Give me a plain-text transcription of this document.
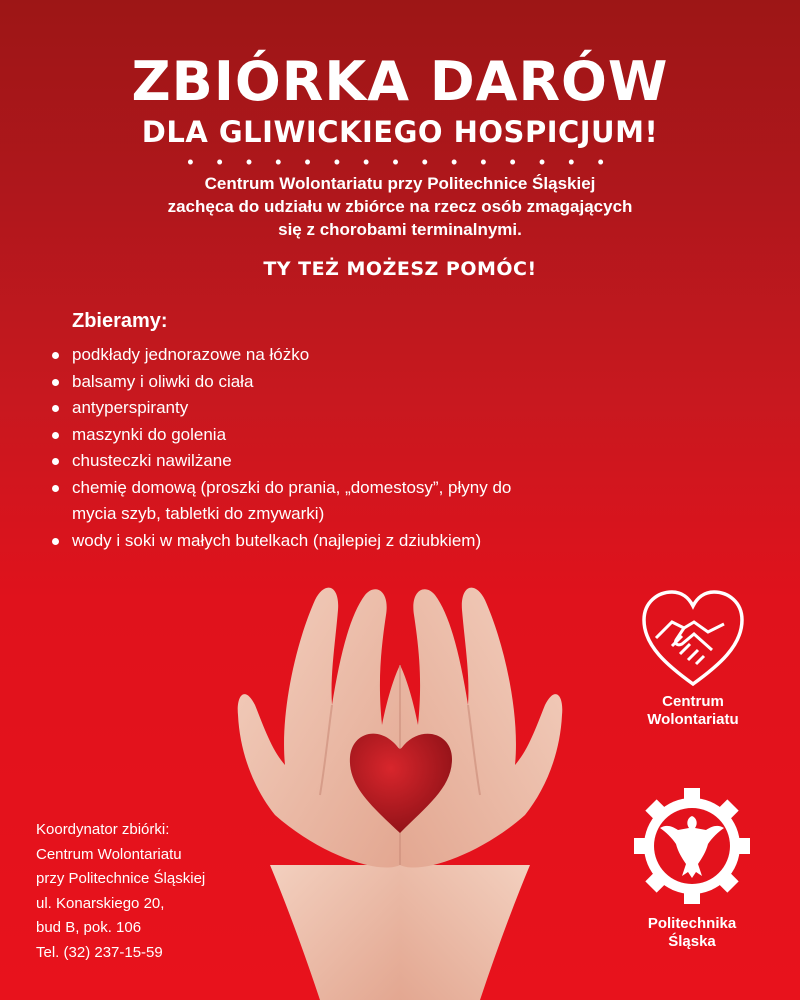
ZBIÓRKA DARÓW
DLA GLIWICKIEGO HOSPICJUM!
• • • • • • • • • • • • • • •
Centrum Wolontariatu przy Politechnice Śląskiej
zachęca do udziału w zbiórce na rzecz osób zmagających
się z chorobami terminalnymi.
TY TEŻ MOŻESZ POMÓC!
Zbieramy:
podkłady jednorazowe na łóżko
balsamy i oliwki do ciała
antyperspiranty
maszynki do golenia
chusteczki nawilżane
chemię domową (proszki do prania, „domestosy”, płyny do mycia szyb, tabletki do zmywarki)
wody i soki w małych butelkach (najlepiej z dziubkiem)
Centrum
Wolontariatu
Politechnika
Śląska
Koordynator zbiórki:
Centrum Wolontariatu
przy Politechnice Śląskiej
ul. Konarskiego 20,
bud B, pok. 106
Tel. (32) 237-15-59
